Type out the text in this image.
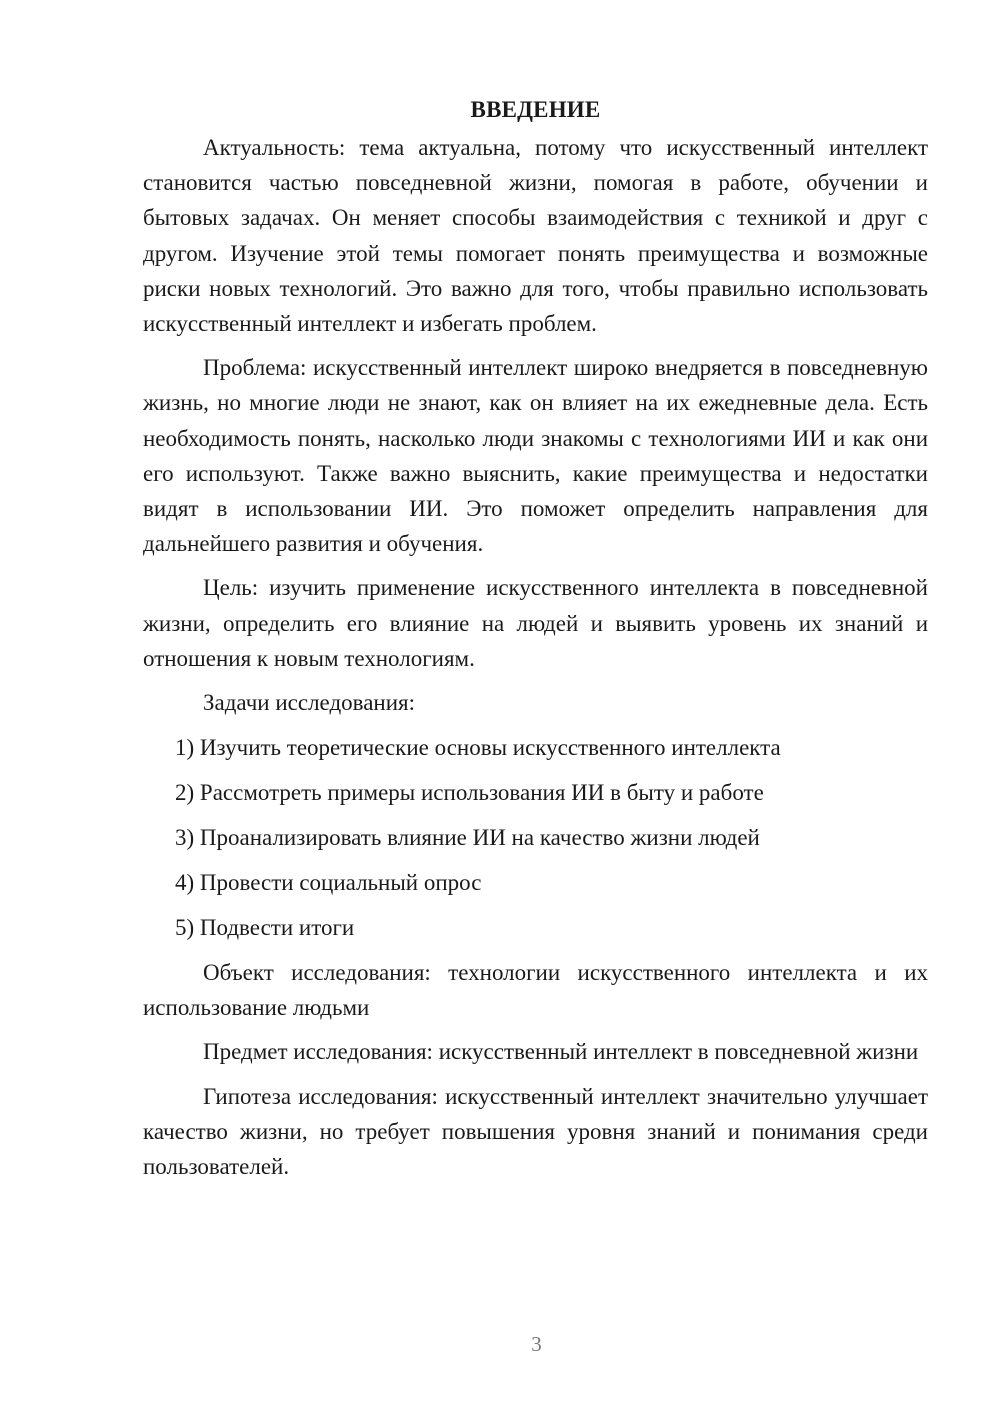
ВВЕДЕНИЕ

Актуальность: тема актуальна, потому что искусственный интеллект становится частью повседневной жизни, помогая в работе, обучении и бытовых задачах. Он меняет способы взаимодействия с техникой и друг с другом. Изучение этой темы помогает понять преимущества и возможные риски новых технологий. Это важно для того, чтобы правильно использовать искусственный интеллект и избегать проблем.

Проблема: искусственный интеллект широко внедряется в повседневную жизнь, но многие люди не знают, как он влияет на их ежедневные дела. Есть необходимость понять, насколько люди знакомы с технологиями ИИ и как они его используют. Также важно выяснить, какие преимущества и недостатки видят в использовании ИИ. Это поможет определить направления для дальнейшего развития и обучения.

Цель: изучить применение искусственного интеллекта в повседневной жизни, определить его влияние на людей и выявить уровень их знаний и отношения к новым технологиям.

Задачи исследования:

1) Изучить теоретические основы искусственного интеллекта
2) Рассмотреть примеры использования ИИ в быту и работе
3) Проанализировать влияние ИИ на качество жизни людей
4) Провести социальный опрос
5) Подвести итоги

Объект исследования: технологии искусственного интеллекта и их использование людьми

Предмет исследования: искусственный интеллект в повседневной жизни

Гипотеза исследования: искусственный интеллект значительно улучшает качество жизни, но требует повышения уровня знаний и понимания среди пользователей.

3
